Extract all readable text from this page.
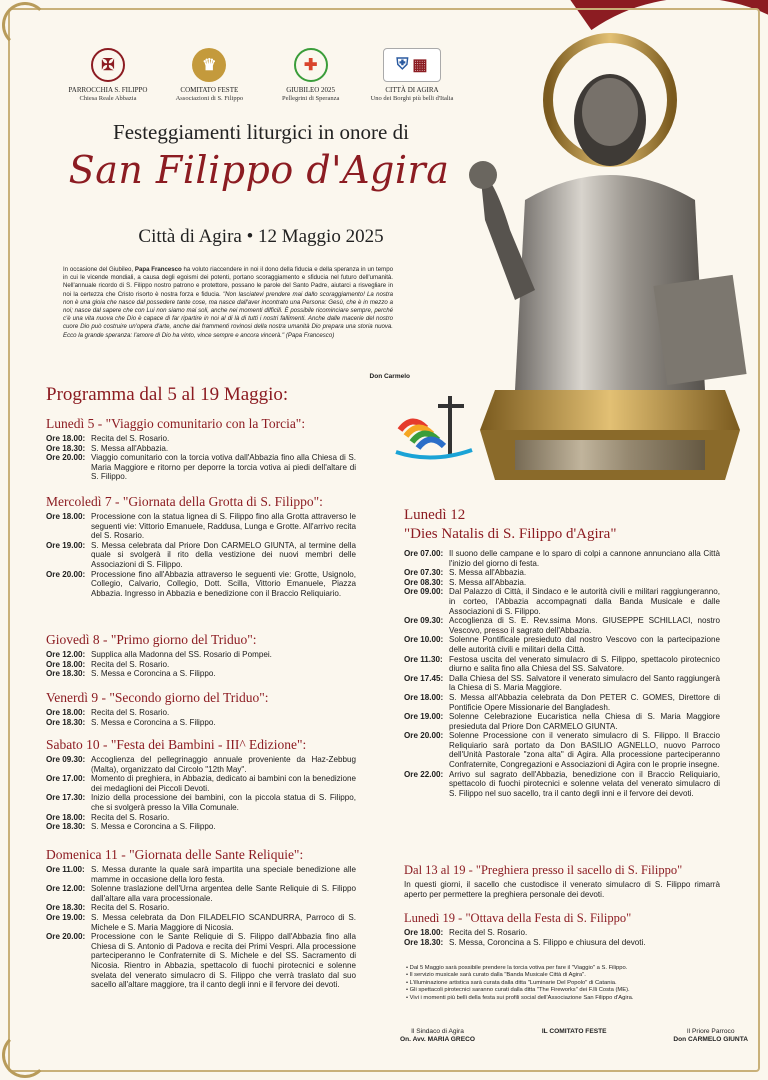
✠
PARROCCHIA S. FILIPPO
Chiesa Reale Abbazia
♛
COMITATO FESTE
Associazioni di S. Filippo
✚
GIUBILEO 2025
Pellegrini di Speranza
⛨ ▦
CITTÀ DI AGIRA
Uno dei Borghi più belli d'Italia
Festeggiamenti liturgici in onore di
San Filippo d'Agira
Città di Agira • 12 Maggio 2025
In occasione del Giubileo, Papa Francesco ha voluto riaccendere in noi il dono della fiducia e della speranza in un tempo in cui le vicende mondiali, a causa degli egoismi dei potenti, portano scoraggiamento e sfiducia nel futuro dell'umanità. Nell'annuale ricordo di S. Filippo nostro patrono e protettore, possano le parole del Santo Padre, aiutarci a risvegliare in noi la certezza che Cristo risorto è nostra forza e fiducia. "Non lasciatevi prendere mai dallo scoraggiamento! La nostra non è una gioia che nasce dal possedere tante cose, ma nasce dall'aver incontrato una Persona: Gesù, che è in mezzo a noi; nasce dal sapere che con Lui non siamo mai soli, anche nei momenti difficili. È possibile ricominciare sempre, perché c'è una vita nuova che Dio è capace di far ripartire in noi al di là di tutti i nostri fallimenti. Anche dalle macerie del nostro cuore Dio può costruire un'opera d'arte, anche dai frammenti rovinosi della nostra umanità Dio prepara una storia nuova. Ecco la grande speranza: l'amore di Dio ha vinto, vince sempre e ancora vincerà." (Papa Francesco)
Don Carmelo
Programma dal 5 al 19 Maggio:
Lunedì 5 - "Viaggio comunitario con la Torcia":
Ore 18.00: Recita del S. Rosario.
Ore 18.30: S. Messa all'Abbazia.
Ore 20.00: Viaggio comunitario con la torcia votiva dall'Abbazia fino alla Chiesa di S. Maria Maggiore e ritorno per deporre la torcia votiva ai piedi dell'altare di S. Filippo.
Mercoledì 7 - "Giornata della Grotta di S. Filippo":
Ore 18.00: Processione con la statua lignea di S. Filippo fino alla Grotta attraverso le seguenti vie: Vittorio Emanuele, Raddusa, Lunga e Grotte. All'arrivo recita del S. Rosario.
Ore 19.00: S. Messa celebrata dal Priore Don CARMELO GIUNTA, al termine della quale si svolgerà il rito della vestizione dei nuovi membri delle Associazioni di S. Filippo.
Ore 20.00: Processione fino all'Abbazia attraverso le seguenti vie: Grotte, Usignolo, Collegio, Calvario, Collegio, Dott. Scilla, Vittorio Emanuele, Piazza Abbazia. Ingresso in Abbazia e benedizione con il Braccio Reliquiario.
Giovedì 8 - "Primo giorno del Triduo":
Ore 12.00: Supplica alla Madonna del SS. Rosario di Pompei.
Ore 18.00: Recita del S. Rosario.
Ore 18.30: S. Messa e Coroncina a S. Filippo.
Venerdì 9 - "Secondo giorno del Triduo":
Ore 18.00: Recita del S. Rosario.
Ore 18.30: S. Messa e Coroncina a S. Filippo.
Sabato 10 - "Festa dei Bambini - III^ Edizione":
Ore 09.30: Accoglienza del pellegrinaggio annuale proveniente da Haz-Zebbug (Malta), organizzato dal Circolo "12th May".
Ore 17.00: Momento di preghiera, in Abbazia, dedicato ai bambini con la benedizione dei medaglioni dei Piccoli Devoti.
Ore 17.30: Inizio della processione dei bambini, con la piccola statua di S. Filippo, che si svolgerà presso la Villa Comunale.
Ore 18.00: Recita del S. Rosario.
Ore 18.30: S. Messa e Coroncina a S. Filippo.
Domenica 11 - "Giornata delle Sante Reliquie":
Ore 11.00: S. Messa durante la quale sarà impartita una speciale benedizione alle mamme in occasione della loro festa.
Ore 12.00: Solenne traslazione dell'Urna argentea delle Sante Reliquie di S. Filippo dall'altare alla vara processionale.
Ore 18.30: Recita del S. Rosario.
Ore 19.00: S. Messa celebrata da Don FILADELFIO SCANDURRA, Parroco di S. Michele e S. Maria Maggiore di Nicosia.
Ore 20.00: Processione con le Sante Reliquie di S. Filippo dall'Abbazia fino alla Chiesa di S. Antonio di Padova e recita dei Primi Vespri. Alla processione parteciperanno le Confraternite di S. Michele e del SS. Sacramento di Nicosia. Rientro in Abbazia, spettacolo di fuochi pirotecnici e solenne svelata del venerato simulacro di S. Filippo che verrà traslato dal suo sacello all'altare maggiore, tra il canto degli inni e il fervore dei devoti.
Lunedì 12
"Dies Natalis di S. Filippo d'Agira"
Ore 07.00: Il suono delle campane e lo sparo di colpi a cannone annunciano alla Città l'inizio del giorno di festa.
Ore 07.30: S. Messa all'Abbazia.
Ore 08.30: S. Messa all'Abbazia.
Ore 09.00: Dal Palazzo di Città, il Sindaco e le autorità civili e militari raggiungeranno, in corteo, l'Abbazia accompagnati dalla Banda Musicale e dalle Associazioni di S. Filippo.
Ore 09.30: Accoglienza di S. E. Rev.ssima Mons. GIUSEPPE SCHILLACI, nostro Vescovo, presso il sagrato dell'Abbazia.
Ore 10.00: Solenne Pontificale presieduto dal nostro Vescovo con la partecipazione delle autorità civili e militari della Città.
Ore 11.30: Festosa uscita del venerato simulacro di S. Filippo, spettacolo pirotecnico diurno e salita fino alla Chiesa del SS. Salvatore.
Ore 17.45: Dalla Chiesa del SS. Salvatore il venerato simulacro del Santo raggiungerà la Chiesa di S. Maria Maggiore.
Ore 18.00: S. Messa all'Abbazia celebrata da Don PETER C. GOMES, Direttore di Pontificie Opere Missionarie del Bangladesh.
Ore 19.00: Solenne Celebrazione Eucaristica nella Chiesa di S. Maria Maggiore presieduta dal Priore Don CARMELO GIUNTA.
Ore 20.00: Solenne Processione con il venerato simulacro di S. Filippo. Il Braccio Reliquiario sarà portato da Don BASILIO AGNELLO, nuovo Parroco dell'Unità Pastorale "zona alta" di Agira. Alla processione parteciperanno Confraternite, Congregazioni e Associazioni di Agira con le proprie insegne.
Ore 22.00: Arrivo sul sagrato dell'Abbazia, benedizione con il Braccio Reliquiario, spettacolo di fuochi pirotecnici e solenne velata del venerato simulacro di S. Filippo nel suo sacello, tra il canto degli inni e il fervore dei devoti.
Dal 13 al 19 - "Preghiera presso il sacello di S. Filippo"
In questi giorni, il sacello che custodisce il venerato simulacro di S. Filippo rimarrà aperto per permettere la preghiera personale dei devoti.
Lunedì 19 - "Ottava della Festa di S. Filippo"
Ore 18.00: Recita del S. Rosario.
Ore 18.30: S. Messa, Coroncina a S. Filippo e chiusura del devoti.
• Dal 5 Maggio sarà possibile prendere la torcia votiva per fare il "Viaggio" a S. Filippo.
• Il servizio musicale sarà curato dalla "Banda Musicale Città di Agira".
• L'illuminazione artistica sarà curata dalla ditta "Luminarie Del Popolo" di Catania.
• Gli spettacoli pirotecnici saranno curati dalla ditta "The Fireworks" dei F.lli Costa (ME).
• Vivi i momenti più belli della festa sui profili social dell'Associazione San Filippo d'Agira.
Il Sindaco di Agira
On. Avv. MARIA GRECO
IL COMITATO FESTE	Il Priore Parroco
Don CARMELO GIUNTA
